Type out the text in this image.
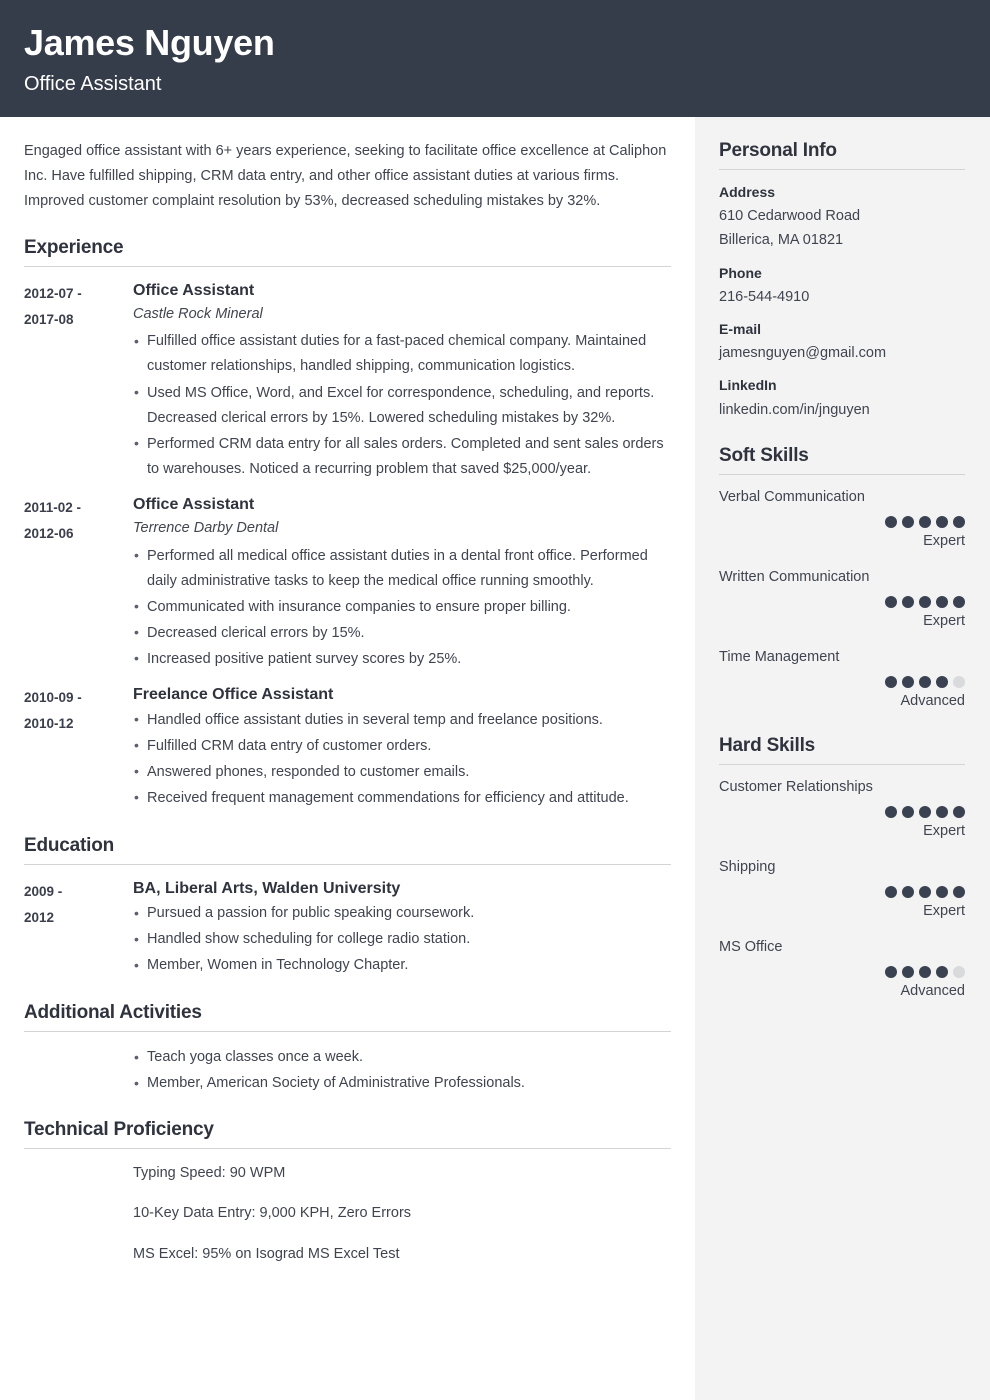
James Nguyen
Office Assistant
Engaged office assistant with 6+ years experience, seeking to facilitate office excellence at Caliphon Inc. Have fulfilled shipping, CRM data entry, and other office assistant duties at various firms. Improved customer complaint resolution by 53%, decreased scheduling mistakes by 32%.
Experience
2012-07 -
2017-08
Office Assistant
Castle Rock Mineral
• Fulfilled office assistant duties for a fast-paced chemical company. Maintained customer relationships, handled shipping, communication logistics.
• Used MS Office, Word, and Excel for correspondence, scheduling, and reports. Decreased clerical errors by 15%. Lowered scheduling mistakes by 32%.
• Performed CRM data entry for all sales orders. Completed and sent sales orders to warehouses. Noticed a recurring problem that saved $25,000/year.
2011-02 -
2012-06
Office Assistant
Terrence Darby Dental
• Performed all medical office assistant duties in a dental front office. Performed daily administrative tasks to keep the medical office running smoothly.
• Communicated with insurance companies to ensure proper billing.
• Decreased clerical errors by 15%.
• Increased positive patient survey scores by 25%.
2010-09 -
2010-12
Freelance Office Assistant
• Handled office assistant duties in several temp and freelance positions.
• Fulfilled CRM data entry of customer orders.
• Answered phones, responded to customer emails.
• Received frequent management commendations for efficiency and attitude.
Education
2009 -
2012
BA, Liberal Arts, Walden University
• Pursued a passion for public speaking coursework.
• Handled show scheduling for college radio station.
• Member, Women in Technology Chapter.
Additional Activities
• Teach yoga classes once a week.
• Member, American Society of Administrative Professionals.
Technical Proficiency
Typing Speed: 90 WPM
10-Key Data Entry: 9,000 KPH, Zero Errors
MS Excel: 95% on Isograd MS Excel Test
Personal Info
Address
610 Cedarwood Road
Billerica, MA 01821
Phone
216-544-4910
E-mail
jamesnguyen@gmail.com
LinkedIn
linkedin.com/in/jnguyen
Soft Skills
Verbal Communication
Expert
Written Communication
Expert
Time Management
Advanced
Hard Skills
Customer Relationships
Expert
Shipping
Expert
MS Office
Advanced
